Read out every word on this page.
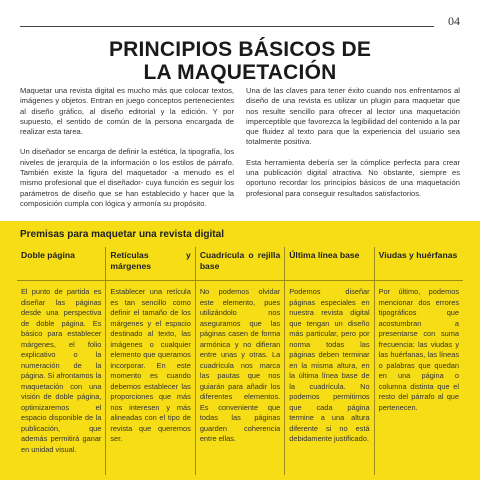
04
PRINCIPIOS BÁSICOS DE
LA MAQUETACIÓN

Maquetar una revista digital es mucho más que colocar textos, imágenes y objetos. Entran en juego conceptos pertenecientes al diseño gráfico, al diseño editorial y la edición. Y por supuesto, el sentido de común de la persona encargada de realizar esta tarea.

Un diseñador se encarga de definir la estética, la tipografía, los niveles de jerarquía de la información o los estilos de párrafo. También existe la figura del maquetador -a menudo es el mismo profesional que el diseñador- cuya función es seguir los parámetros de diseño que se han establecido y hacer que la composición cumpla con lógica y armonía su propósito.

Una de las claves para tener éxito cuando nos enfrentamos al diseño de una revista es utilizar un plugin para maquetar que nos resulte sencillo para ofrecer al lector una maquetación imperceptible que favorezca la legibilidad del contenido a la par que fluidez al texto para que la experiencia del usuario sea totalmente positiva.

Esta herramienta debería ser la cómplice perfecta para crear una publicación digital atractiva. No obstante, siempre es oportuno recordar los principios básicos de una maquetación profesional para conseguir resultados satisfactorios.

Premisas para maquetar una revista digital
Doble página
El punto de partida es diseñar las páginas desde una perspectiva de doble página. Es básico para establecer márgenes, el folio explicativo o la numeración de la página. Si afrontamos la maquetación con una visión de doble página, optimizaremos el espacio disponible de la publicación, que además permitirá ganar en unidad visual.
Retículas y márgenes
Establecer una retícula es tan sencillo como definir el tamaño de los márgenes y el espacio destinado al texto, las imágenes o cualquier elemento que queramos incorporar. En este momento es cuando debemos establecer las proporciones que más nos interesen y más alineadas con el tipo de revista que queremos ser.
Cuadrícula o rejilla base
No podemos olvidar este elemento, pues utilizándolo nos aseguramos que las páginas casen de forma armónica y no difieran entre unas y otras. La cuadrícula nos marca las pautas que nos guiarán para añadir los diferentes elementos. Es conveniente que todas las páginas guarden coherencia entre ellas.
Última línea base
Podemos diseñar páginas especiales en nuestra revista digital que tengan un diseño más particular, pero por norma todas las páginas deben terminar en la misma altura, en la última línea base de la cuadrícula. No podemos permitirnos que cada página termine a una altura diferente si no está debidamente justificado.
Viudas y huérfanas
Por último, podemos mencionar dos errores tipográficos que acostumbran a presentarse con suma frecuencia: las viudas y las huérfanas, las líneas o palabras que quedan en una página o columna distinta que el resto del párrafo al que pertenecen.
